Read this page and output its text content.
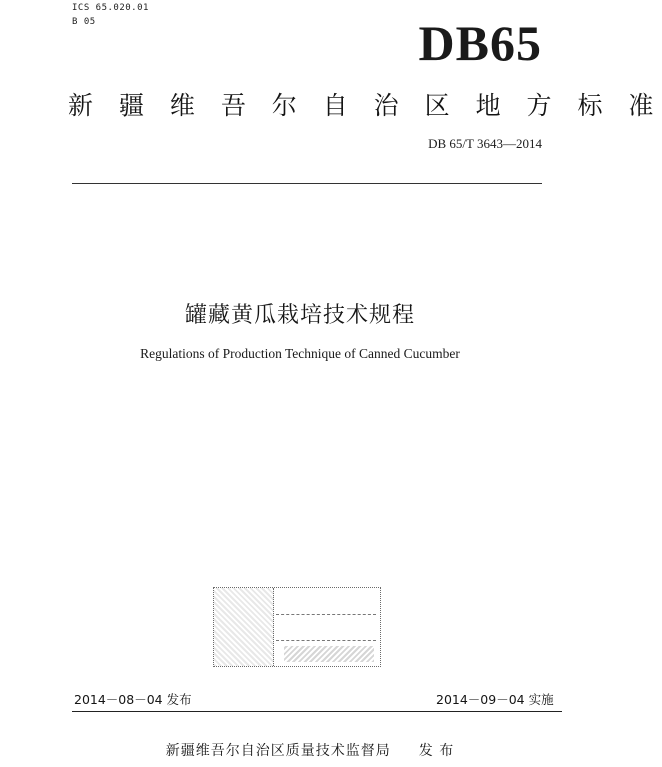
ICS 65.020.01
B 05	DB65
新 疆 维 吾 尔 自 治 区 地 方 标 准
DB 65/T 3643—2014
罐藏黄瓜栽培技术规程
Regulations of Production Technique of Canned Cucumber
2014－08－04 发布	2014－09－04 实施
新疆维吾尔自治区质量技术监督局 发 布
